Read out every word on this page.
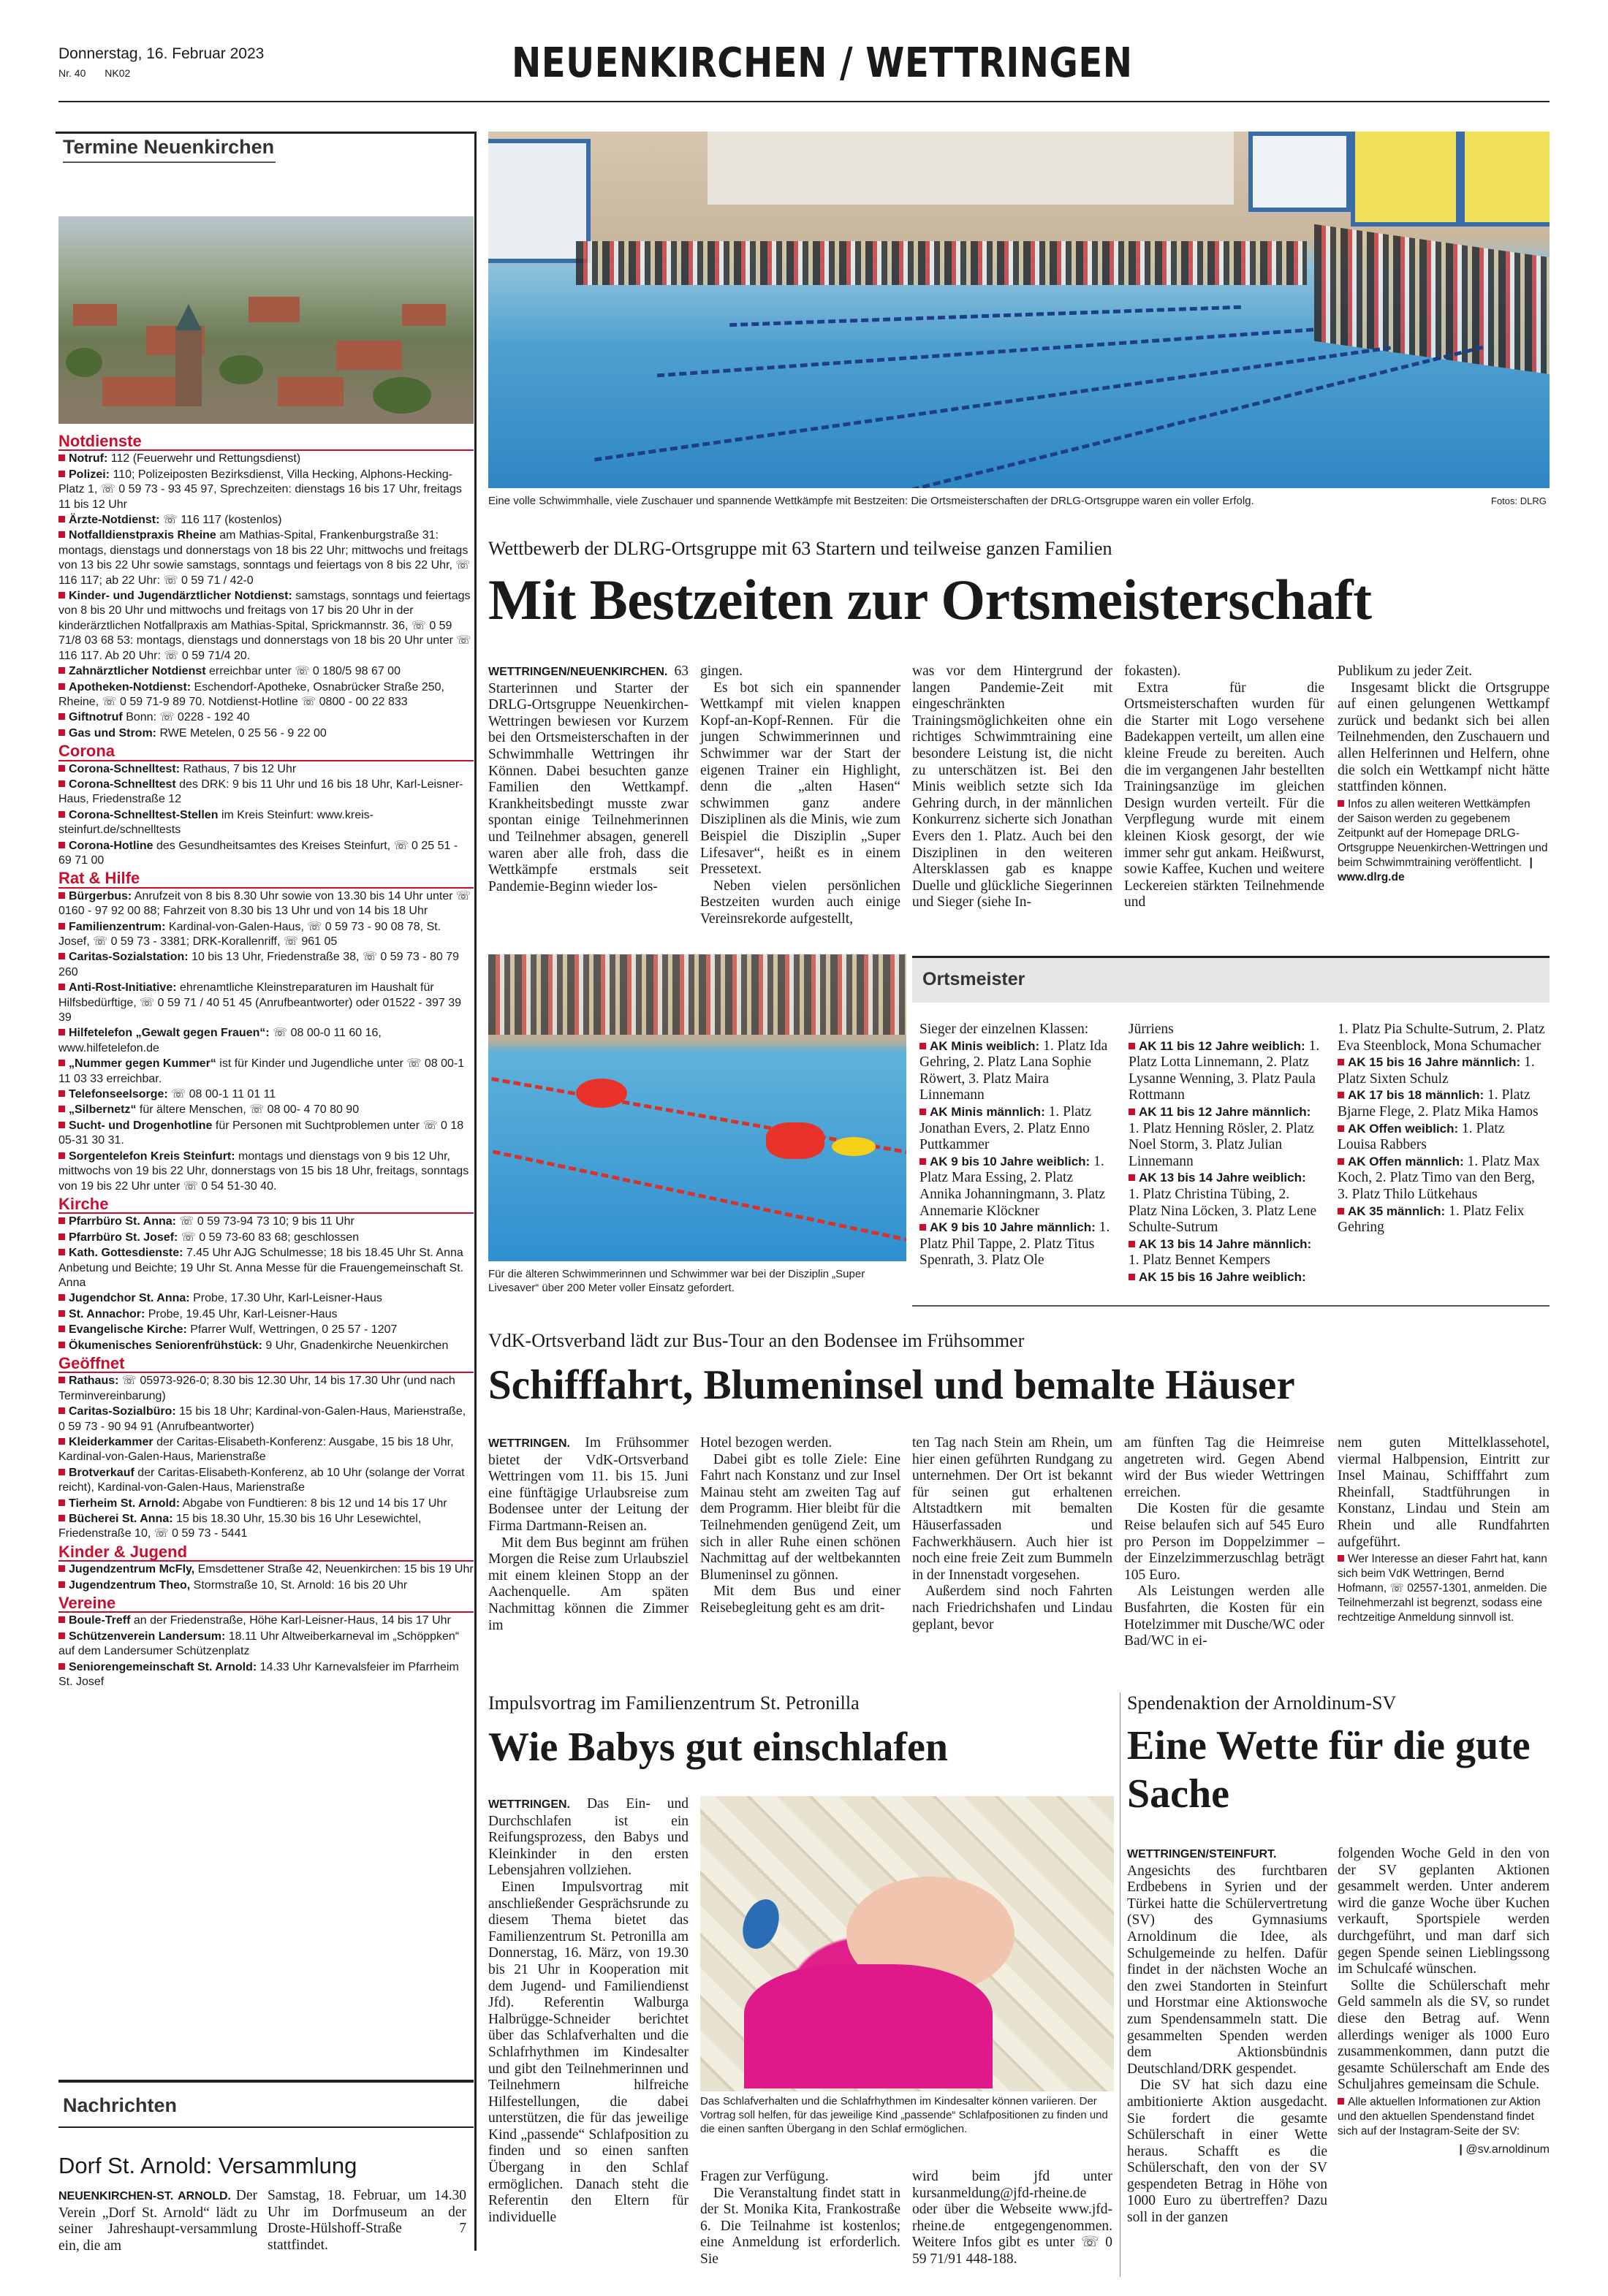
Donnerstag, 16. Februar 2023
Nr. 40 NK02	NEUENKIRCHEN / WETTRINGEN
Termine Neuenkirchen
Notdienste
Notruf: 112 (Feuerwehr und Rettungsdienst)
Polizei: 110; Polizeiposten Bezirksdienst, Villa Hecking, Alphons-Hecking-Platz 1, ☏ 0 59 73 - 93 45 97, Sprechzeiten: dienstags 16 bis 17 Uhr, freitags 11 bis 12 Uhr
Ärzte-Notdienst: ☏ 116 117 (kostenlos)
Notfalldienstpraxis Rheine am Mathias-Spital, Frankenburgstraße 31: montags, dienstags und donnerstags von 18 bis 22 Uhr; mittwochs und freitags von 13 bis 22 Uhr sowie samstags, sonntags und feiertags von 8 bis 22 Uhr, ☏ 116 117; ab 22 Uhr: ☏ 0 59 71 / 42-0
Kinder- und Jugendärztlicher Notdienst: samstags, sonntags und feiertags von 8 bis 20 Uhr und mittwochs und freitags von 17 bis 20 Uhr in der kinderärztlichen Notfallpraxis am Mathias-Spital, Sprickmannstr. 36, ☏ 0 59 71/8 03 68 53: montags, dienstags und donnerstags von 18 bis 20 Uhr unter ☏ 116 117. Ab 20 Uhr: ☏ 0 59 71/4 20.
Zahnärztlicher Notdienst erreichbar unter ☏ 0 180/5 98 67 00
Apotheken-Notdienst: Eschendorf-Apotheke, Osnabrücker Straße 250, Rheine, ☏ 0 59 71-9 89 70. Notdienst-Hotline ☏ 0800 - 00 22 833
Giftnotruf Bonn: ☏ 0228 - 192 40
Gas und Strom: RWE Metelen, 0 25 56 - 9 22 00
Corona
Corona-Schnelltest: Rathaus, 7 bis 12 Uhr
Corona-Schnelltest des DRK: 9 bis 11 Uhr und 16 bis 18 Uhr, Karl-Leisner-Haus, Friedenstraße 12
Corona-Schnelltest-Stellen im Kreis Steinfurt: www.kreis-steinfurt.de/schnelltests
Corona-Hotline des Gesundheitsamtes des Kreises Steinfurt, ☏ 0 25 51 - 69 71 00
Rat & Hilfe
Bürgerbus: Anrufzeit von 8 bis 8.30 Uhr sowie von 13.30 bis 14 Uhr unter ☏ 0160 - 97 92 00 88; Fahrzeit von 8.30 bis 13 Uhr und von 14 bis 18 Uhr
Familienzentrum: Kardinal-von-Galen-Haus, ☏ 0 59 73 - 90 08 78, St. Josef, ☏ 0 59 73 - 3381; DRK-Korallenriff, ☏ 961 05
Caritas-Sozialstation: 10 bis 13 Uhr, Friedenstraße 38, ☏ 0 59 73 - 80 79 260
Anti-Rost-Initiative: ehrenamtliche Kleinstreparaturen im Haushalt für Hilfsbedürftige, ☏ 0 59 71 / 40 51 45 (Anrufbeantworter) oder 01522 - 397 39 39
Hilfetelefon „Gewalt gegen Frauen“: ☏ 08 00-0 11 60 16, www.hilfetelefon.de
„Nummer gegen Kummer“ ist für Kinder und Jugendliche unter ☏ 08 00-1 11 03 33 erreichbar.
Telefonseelsorge: ☏ 08 00-1 11 01 11
„Silbernetz“ für ältere Menschen, ☏ 08 00- 4 70 80 90
Sucht- und Drogenhotline für Personen mit Suchtproblemen unter ☏ 0 18 05-31 30 31.
Sorgentelefon Kreis Steinfurt: montags und dienstags von 9 bis 12 Uhr, mittwochs von 19 bis 22 Uhr, donnerstags von 15 bis 18 Uhr, freitags, sonntags von 19 bis 22 Uhr unter ☏ 0 54 51-30 40.
Kirche
Pfarrbüro St. Anna: ☏ 0 59 73-94 73 10; 9 bis 11 Uhr
Pfarrbüro St. Josef: ☏ 0 59 73-60 83 68; geschlossen
Kath. Gottesdienste: 7.45 Uhr AJG Schulmesse; 18 bis 18.45 Uhr St. Anna Anbetung und Beichte; 19 Uhr St. Anna Messe für die Frauengemeinschaft St. Anna
Jugendchor St. Anna: Probe, 17.30 Uhr, Karl-Leisner-Haus
St. Annachor: Probe, 19.45 Uhr, Karl-Leisner-Haus
Evangelische Kirche: Pfarrer Wulf, Wettringen, 0 25 57 - 1207
Ökumenisches Seniorenfrühstück: 9 Uhr, Gnadenkirche Neuenkirchen
Geöffnet
Rathaus: ☏ 05973-926-0; 8.30 bis 12.30 Uhr, 14 bis 17.30 Uhr (und nach Terminvereinbarung)
Caritas-Sozialbüro: 15 bis 18 Uhr; Kardinal-von-Galen-Haus, Mariенstraße, 0 59 73 - 90 94 91 (Anrufbeantworter)
Kleiderkammer der Caritas-Elisabeth-Konferenz: Ausgabe, 15 bis 18 Uhr, Kardinal-von-Galen-Haus, Marienstraße
Brotverkauf der Caritas-Elisabeth-Konferenz, ab 10 Uhr (solange der Vorrat reicht), Kardinal-von-Galen-Haus, Marienstraße
Tierheim St. Arnold: Abgabe von Fundtieren: 8 bis 12 und 14 bis 17 Uhr
Bücherei St. Anna: 15 bis 18.30 Uhr, 15.30 bis 16 Uhr Lesewichtel, Friedenstraße 10, ☏ 0 59 73 - 5441
Kinder & Jugend
Jugendzentrum McFly, Emsdettener Straße 42, Neuenkirchen: 15 bis 19 Uhr
Jugendzentrum Theo, Stormstraße 10, St. Arnold: 16 bis 20 Uhr
Vereine
Boule-Treff an der Friedenstraße, Höhe Karl-Leisner-Haus, 14 bis 17 Uhr
Schützenverein Landersum: 18.11 Uhr Altweiberkarneval im „Schöppken“ auf dem Landersumer Schützenplatz
Seniorengemeinschaft St. Arnold: 14.33 Uhr Karnevalsfeier im Pfarrheim St. Josef
Nachrichten
Dorf St. Arnold: Versammlung

NEUENKIRCHEN-ST. ARNOLD. Der Verein „Dorf St. Arnold“ lädt zu seiner Jahreshaupt-versammlung ein, die am

Samstag, 18. Februar, um 14.30 Uhr im Dorfmuseum an der Droste-Hülshoff-Straße 7 stattfindet.

Eine volle Schwimmhalle, viele Zuschauer und spannende Wettkämpfe mit Bestzeiten: Die Ortsmeisterschaften der DRLG-Ortsgruppe waren ein voller Erfolg.	Fotos: DLRG
Wettbewerb der DLRG-Ortsgruppe mit 63 Startern und teilweise ganzen Familien
Mit Bestzeiten zur Ortsmeisterschaft

WETTRINGEN/NEUENKIRCHEN. 63 Starterinnen und Starter der DRLG-Ortsgruppe Neuenkirchen-Wettringen bewiesen vor Kurzem bei den Ortsmeisterschaften in der Schwimmhalle Wettringen ihr Können. Dabei besuchten ganze Familien den Wettkampf. Krankheitsbedingt musste zwar spontan einige Teilnehmerinnen und Teilnehmer absagen, generell waren aber alle froh, dass die Wettkämpfe erstmals seit Pandemie-Beginn wieder los-

gingen.

Es bot sich ein spannender Wettkampf mit vielen knappen Kopf-an-Kopf-Rennen. Für die jungen Schwimmerinnen und Schwimmer war der Start der eigenen Trainer ein Highlight, denn die „alten Hasen“ schwimmen ganz andere Disziplinen als die Minis, wie zum Beispiel die Disziplin „Super Lifesaver“, heißt es in einem Pressetext.

Neben vielen persönlichen Bestzeiten wurden auch einige Vereinsrekorde aufgestellt,

was vor dem Hintergrund der langen Pandemie-Zeit mit eingeschränkten Trainingsmöglichkeiten ohne ein richtiges Schwimmtraining eine besondere Leistung ist, die nicht zu unterschätzen ist. Bei den Minis weiblich setzte sich Ida Gehring durch, in der männlichen Konkurrenz sicherte sich Jonathan Evers den 1. Platz. Auch bei den Disziplinen in den weiteren Altersklassen gab es knappe Duelle und glückliche Siegerinnen und Sieger (siehe In-

fokasten).

Extra für die Ortsmeisterschaften wurden für die Starter mit Logo versehene Badekappen verteilt, um allen eine kleine Freude zu bereiten. Auch die im vergangenen Jahr bestellten Trainingsanzüge im gleichen Design wurden verteilt. Für die Verpflegung wurde mit einem kleinen Kiosk gesorgt, der wie immer sehr gut ankam. Heißwurst, sowie Kaffee, Kuchen und weitere Leckereien stärkten Teilnehmende und

Publikum zu jeder Zeit.

Insgesamt blickt die Ortsgruppe auf einen gelungenen Wettkampf zurück und bedankt sich bei allen Teilnehmenden, den Zuschauern und allen Helferinnen und Helfern, ohne die solch ein Wettkampf nicht hätte stattfinden können.

Infos zu allen weiteren Wettkämpfen der Saison werden zu gegebenem Zeitpunkt auf der Homepage DRLG-Ortsgruppe Neuenkirchen-Wettringen und beim Schwimmtraining veröffentlicht. | www.dlrg.de
Für die älteren Schwimmerinnen und Schwimmer war bei der Disziplin „Super Livesaver“ über 200 Meter voller Einsatz gefordert.
Ortsmeister
Sieger der einzelnen Klassen:
AK Minis weiblich: 1. Platz Ida Gehring, 2. Platz Lana Sophie Röwert, 3. Platz Maira Linnemann
AK Minis männlich: 1. Platz Jonathan Evers, 2. Platz Enno Puttkammer
AK 9 bis 10 Jahre weiblich: 1. Platz Mara Essing, 2. Platz Annika Johanningmann, 3. Platz Annemarie Klöckner
AK 9 bis 10 Jahre männlich: 1. Platz Phil Tappe, 2. Platz Titus Spenrath, 3. Platz Ole
Jürriens
AK 11 bis 12 Jahre weiblich: 1. Platz Lotta Linnemann, 2. Platz Lysanne Wenning, 3. Platz Paula Rottmann
AK 11 bis 12 Jahre männlich: 1. Platz Henning Rösler, 2. Platz Noel Storm, 3. Platz Julian Linnemann
AK 13 bis 14 Jahre weiblich: 1. Platz Christina Tübing, 2. Platz Nina Löcken, 3. Platz Lene Schulte-Sutrum
AK 13 bis 14 Jahre männlich: 1. Platz Bennet Kempers
AK 15 bis 16 Jahre weiblich:
1. Platz Pia Schulte-Sutrum, 2. Platz Eva Steenblock, Mona Schumacher
AK 15 bis 16 Jahre männlich: 1. Platz Sixten Schulz
AK 17 bis 18 männlich: 1. Platz Bjarne Flege, 2. Platz Mika Hamos
AK Offen weiblich: 1. Platz Louisa Rabbers
AK Offen männlich: 1. Platz Max Koch, 2. Platz Timo van den Berg, 3. Platz Thilo Lütkehaus
AK 35 männlich: 1. Platz Felix Gehring
VdK-Ortsverband lädt zur Bus-Tour an den Bodensee im Frühsommer
Schifffahrt, Blumeninsel und bemalte Häuser

WETTRINGEN. Im Frühsommer bietet der VdK-Ortsverband Wettringen vom 11. bis 15. Juni eine fünftägige Urlaubsreise zum Bodensee unter der Leitung der Firma Dartmann-Reisen an.

Mit dem Bus beginnt am frühen Morgen die Reise zum Urlaubsziel mit einem kleinen Stopp an der Aachenquelle. Am späten Nachmittag können die Zimmer im

Hotel bezogen werden.

Dabei gibt es tolle Ziele: Eine Fahrt nach Konstanz und zur Insel Mainau steht am zweiten Tag auf dem Programm. Hier bleibt für die Teilnehmenden genügend Zeit, um sich in aller Ruhe einen schönen Nachmittag auf der weltbekannten Blumeninsel zu gönnen.

Mit dem Bus und einer Reisebegleitung geht es am drit-

ten Tag nach Stein am Rhein, um hier einen geführten Rundgang zu unternehmen. Der Ort ist bekannt für seinen gut erhaltenen Altstadtkern mit bemalten Häuserfassaden und Fachwerkhäusern. Auch hier ist noch eine freie Zeit zum Bummeln in der Innenstadt vorgesehen.

Außerdem sind noch Fahrten nach Friedrichshafen und Lindau geplant, bevor

am fünften Tag die Heimreise angetreten wird. Gegen Abend wird der Bus wieder Wettringen erreichen.

Die Kosten für die gesamte Reise belaufen sich auf 545 Euro pro Person im Doppelzimmer – der Einzelzimmerzuschlag beträgt 105 Euro.

Als Leistungen werden alle Busfahrten, die Kosten für ein Hotelzimmer mit Dusche/WC oder Bad/WC in ei-

nem guten Mittelklassehotel, viermal Halbpension, Eintritt zur Insel Mainau, Schifffahrt zum Rheinfall, Stadtführungen in Konstanz, Lindau und Stein am Rhein und alle Rundfahrten aufgeführt.

Wer Interesse an dieser Fahrt hat, kann sich beim VdK Wettringen, Bernd Hofmann, ☏ 02557-1301, anmelden. Die Teilnehmerzahl ist begrenzt, sodass eine rechtzeitige Anmeldung sinnvoll ist.
Impulsvortrag im Familienzentrum St. Petronilla
Wie Babys gut einschlafen

WETTRINGEN. Das Ein- und Durchschlafen ist ein Reifungsprozess, den Babys und Kleinkinder in den ersten Lebensjahren vollziehen.

Einen Impulsvortrag mit anschließender Gesprächsrunde zu diesem Thema bietet das Familienzentrum St. Petronilla am Donnerstag, 16. März, von 19.30 bis 21 Uhr in Kooperation mit dem Jugend- und Familiendienst Jfd). Referentin Walburga Halbrügge-Schneider berichtet über das Schlafverhalten und die Schlafrhythmen im Kindesalter und gibt den Teilnehmerinnen und Teilnehmern hilfreiche Hilfestellungen, die dabei unterstützen, die für das jeweilige Kind „passende“ Schlafposition zu finden und so einen sanften Übergang in den Schlaf ermöglichen. Danach steht die Referentin den Eltern für individuelle

Das Schlafverhalten und die Schlafrhythmen im Kindesalter können variieren. Der Vortrag soll helfen, für das jeweilige Kind „passende“ Schlafpositionen zu finden und die einen sanften Übergang in den Schlaf ermöglichen.

Fragen zur Verfügung.

Die Veranstaltung findet statt in der St. Monika Kita, Frankostraße 6. Die Teilnahme ist kostenlos; eine Anmeldung ist erforderlich. Sie

wird beim jfd unter kursanmeldung@jfd-rheine.de oder über die Webseite www.jfd-rheine.de entgegengenommen. Weitere Infos gibt es unter ☏ 0 59 71/91 448-188.

Spendenaktion der Arnoldinum-SV
Eine Wette für die gute Sache

WETTRINGEN/STEINFURT. Angesichts des furchtbaren Erdbebens in Syrien und der Türkei hatte die Schülervertretung (SV) des Gymnasiums Arnoldinum die Idee, als Schulgemeinde zu helfen. Dafür findet in der nächsten Woche an den zwei Standorten in Steinfurt und Horstmar eine Aktionswoche zum Spendensammeln statt. Die gesammelten Spenden werden dem Aktionsbündnis Deutschland/DRK gespendet.

Die SV hat sich dazu eine ambitionierte Aktion ausgedacht. Sie fordert die gesamte Schülerschaft in einer Wette heraus. Schafft es die Schülerschaft, den von der SV gespendeten Betrag in Höhe von 1000 Euro zu übertreffen? Dazu soll in der ganzen

folgenden Woche Geld in den von der SV geplanten Aktionen gesammelt werden. Unter anderem wird die ganze Woche über Kuchen verkauft, Sportspiele werden durchgeführt, und man darf sich gegen Spende seinen Lieblingssong im Schulcafé wünschen.

Sollte die Schülerschaft mehr Geld sammeln als die SV, so rundet diese den Betrag auf. Wenn allerdings weniger als 1000 Euro zusammenkommen, dann putzt die gesamte Schülerschaft am Ende des Schuljahres gemeinsam die Schule.

Alle aktuellen Informationen zur Aktion und den aktuellen Spendenstand findet sich auf der Instagram-Seite der SV:
| @sv.arnoldinum
